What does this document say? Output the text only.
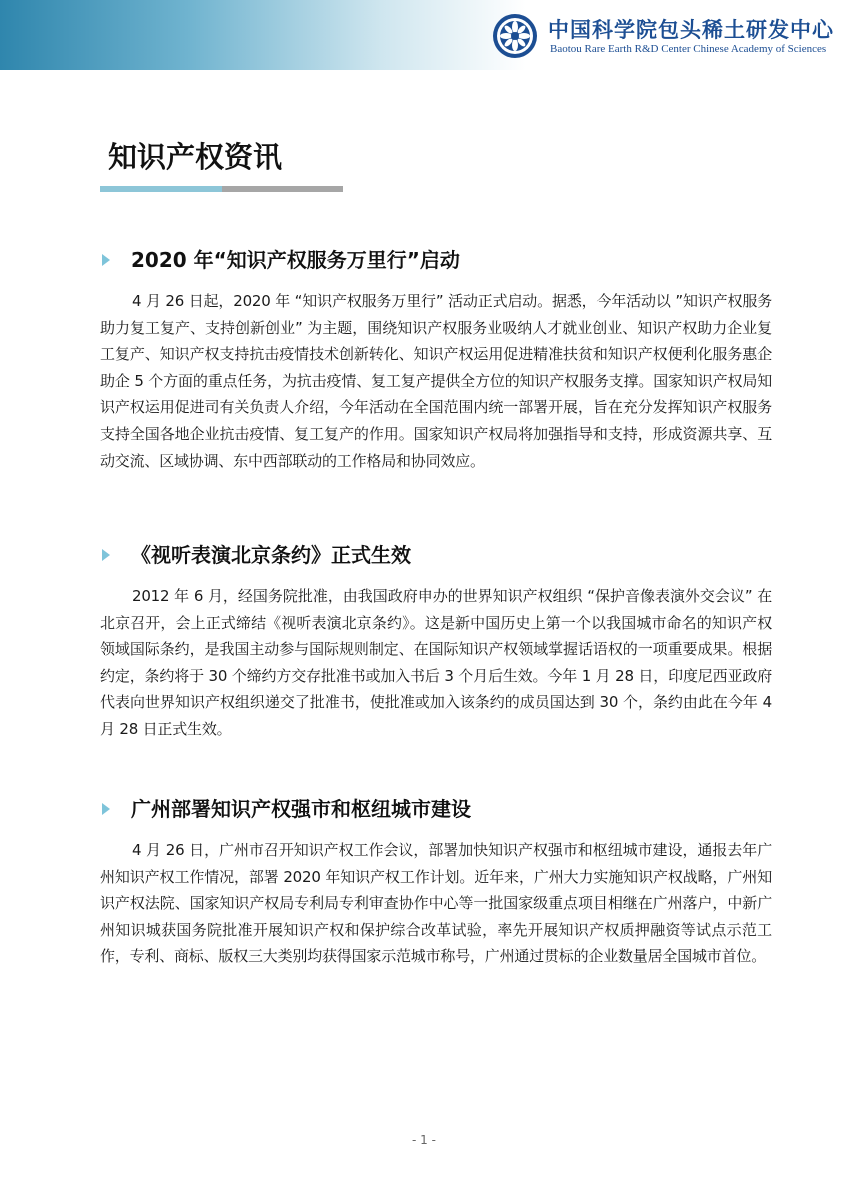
中国科学院包头稀土研发中心
Baotou Rare Earth R&D Center Chinese Academy of Sciences
知识产权资讯
2020 年“知识产权服务万里行”启动

4 月 26 日起，2020 年 “知识产权服务万里行” 活动正式启动。据悉，今年活动以 ”知识产权服务助力复工复产、支持创新创业” 为主题，围绕知识产权服务业吸纳人才就业创业、知识产权助力企业复工复产、知识产权支持抗击疫情技术创新转化、知识产权运用促进精准扶贫和知识产权便利化服务惠企助企 5 个方面的重点任务，为抗击疫情、复工复产提供全方位的知识产权服务支撑。国家知识产权局知识产权运用促进司有关负责人介绍，今年活动在全国范围内统一部署开展，旨在充分发挥知识产权服务支持全国各地企业抗击疫情、复工复产的作用。国家知识产权局将加强指导和支持，形成资源共享、互动交流、区域协调、东中西部联动的工作格局和协同效应。

《视听表演北京条约》正式生效

2012 年 6 月，经国务院批准，由我国政府申办的世界知识产权组织 “保护音像表演外交会议” 在北京召开，会上正式缔结《视听表演北京条约》。这是新中国历史上第一个以我国城市命名的知识产权领域国际条约，是我国主动参与国际规则制定、在国际知识产权领域掌握话语权的一项重要成果。根据约定，条约将于 30 个缔约方交存批准书或加入书后 3 个月后生效。今年 1 月 28 日，印度尼西亚政府代表向世界知识产权组织递交了批准书，使批准或加入该条约的成员国达到 30 个，条约由此在今年 4 月 28 日正式生效。

广州部署知识产权强市和枢纽城市建设

4 月 26 日，广州市召开知识产权工作会议，部署加快知识产权强市和枢纽城市建设，通报去年广州知识产权工作情况，部署 2020 年知识产权工作计划。近年来，广州大力实施知识产权战略，广州知识产权法院、国家知识产权局专利局专利审查协作中心等一批国家级重点项目相继在广州落户，中新广州知识城获国务院批准开展知识产权和保护综合改革试验，率先开展知识产权质押融资等试点示范工作，专利、商标、版权三大类别均获得国家示范城市称号，广州通过贯标的企业数量居全国城市首位。

- 1 -
